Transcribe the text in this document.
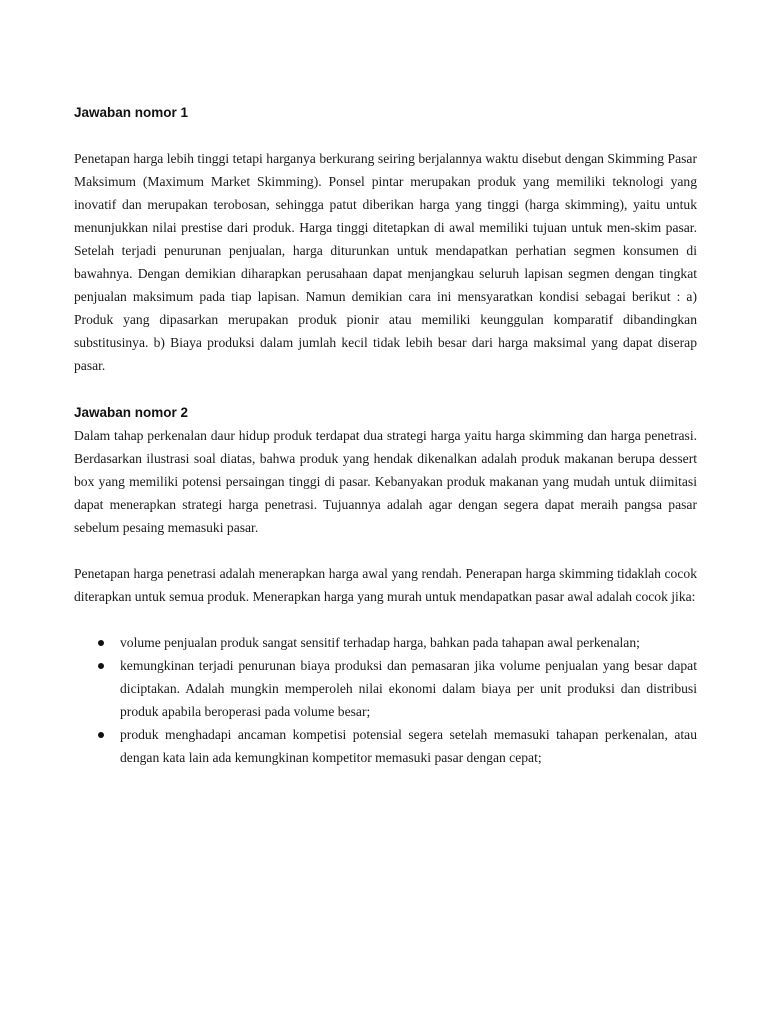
Jawaban nomor 1

Penetapan harga lebih tinggi tetapi harganya berkurang seiring berjalannya waktu disebut dengan Skimming Pasar Maksimum (Maximum Market Skimming). Ponsel pintar merupakan produk yang memiliki teknologi yang inovatif dan merupakan terobosan, sehingga patut diberikan harga yang tinggi (harga skimming), yaitu untuk menunjukkan nilai prestise dari produk. Harga tinggi ditetapkan di awal memiliki tujuan untuk men-skim pasar. Setelah terjadi penurunan penjualan, harga diturunkan untuk mendapatkan perhatian segmen konsumen di bawahnya. Dengan demikian diharapkan perusahaan dapat menjangkau seluruh lapisan segmen dengan tingkat penjualan maksimum pada tiap lapisan. Namun demikian cara ini mensyaratkan kondisi sebagai berikut : a) Produk yang dipasarkan merupakan produk pionir atau memiliki keunggulan komparatif dibandingkan substitusinya. b) Biaya produksi dalam jumlah kecil tidak lebih besar dari harga maksimal yang dapat diserap pasar.

Jawaban nomor 2

Dalam tahap perkenalan daur hidup produk terdapat dua strategi harga yaitu harga skimming dan harga penetrasi. Berdasarkan ilustrasi soal diatas, bahwa produk yang hendak dikenalkan adalah produk makanan berupa dessert box yang memiliki potensi persaingan tinggi di pasar. Kebanyakan produk makanan yang mudah untuk diimitasi dapat menerapkan strategi harga penetrasi. Tujuannya adalah agar dengan segera dapat meraih pangsa pasar sebelum pesaing memasuki pasar.

Penetapan harga penetrasi adalah menerapkan harga awal yang rendah. Penerapan harga skimming tidaklah cocok diterapkan untuk semua produk. Menerapkan harga yang murah untuk mendapatkan pasar awal adalah cocok jika:

volume penjualan produk sangat sensitif terhadap harga, bahkan pada tahapan awal perkenalan;
kemungkinan terjadi penurunan biaya produksi dan pemasaran jika volume penjualan yang besar dapat diciptakan. Adalah mungkin memperoleh nilai ekonomi dalam biaya per unit produksi dan distribusi produk apabila beroperasi pada volume besar;
produk menghadapi ancaman kompetisi potensial segera setelah memasuki tahapan perkenalan, atau dengan kata lain ada kemungkinan kompetitor memasuki pasar dengan cepat;
